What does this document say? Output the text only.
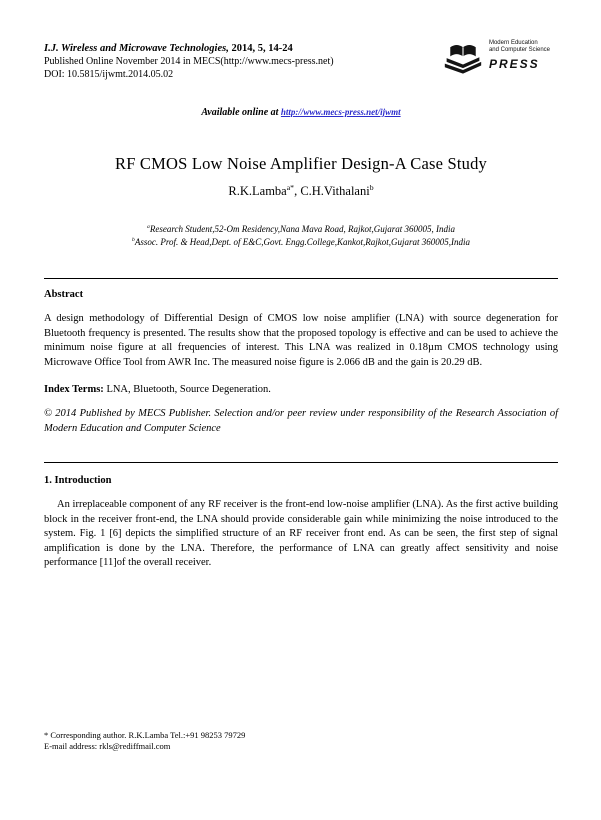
I.J. Wireless and Microwave Technologies, 2014, 5, 14-24
Published Online November 2014 in MECS(http://www.mecs-press.net)
DOI: 10.5815/ijwmt.2014.05.02
Modern Education
and Computer Science
PRESS
Available online at http://www.mecs-press.net/ijwmt
RF CMOS Low Noise Amplifier Design-A Case Study
R.K.Lamba$^{a*}$, C.H.Vithalani$^b$
$^a$Research Student,52-Om Residency,Nana Mava Road, Rajkot,Gujarat 360005, India
$^b$Assoc. Prof. & Head,Dept. of E&C,Govt. Engg.College,Kankot,Rajkot,Gujarat 360005,India
Abstract
A design methodology of Differential Design of CMOS low noise amplifier (LNA) with source degeneration for Bluetooth frequency is presented. The results show that the proposed topology is effective and can be used to achieve the minimum noise figure at all frequencies of interest. This LNA was realized in 0.18µm CMOS technology using Microwave Office Tool from AWR Inc. The measured noise figure is 2.066 dB and the gain is 20.29 dB.
Index Terms: LNA, Bluetooth, Source Degeneration.
© 2014 Published by MECS Publisher. Selection and/or peer review under responsibility of the Research Association of Modern Education and Computer Science
1. Introduction
An irreplaceable component of any RF receiver is the front-end low-noise amplifier (LNA). As the first active building block in the receiver front-end, the LNA should provide considerable gain while minimizing the noise introduced to the system. Fig. 1 [6] depicts the simplified structure of an RF receiver front end. As can be seen, the first step of signal amplification is done by the LNA. Therefore, the performance of LNA can greatly affect sensitivity and noise performance [11]of the overall receiver.
* Corresponding author. R.K.Lamba Tel.:+91 98253 79729
E-mail address: rkls@rediffmail.com
